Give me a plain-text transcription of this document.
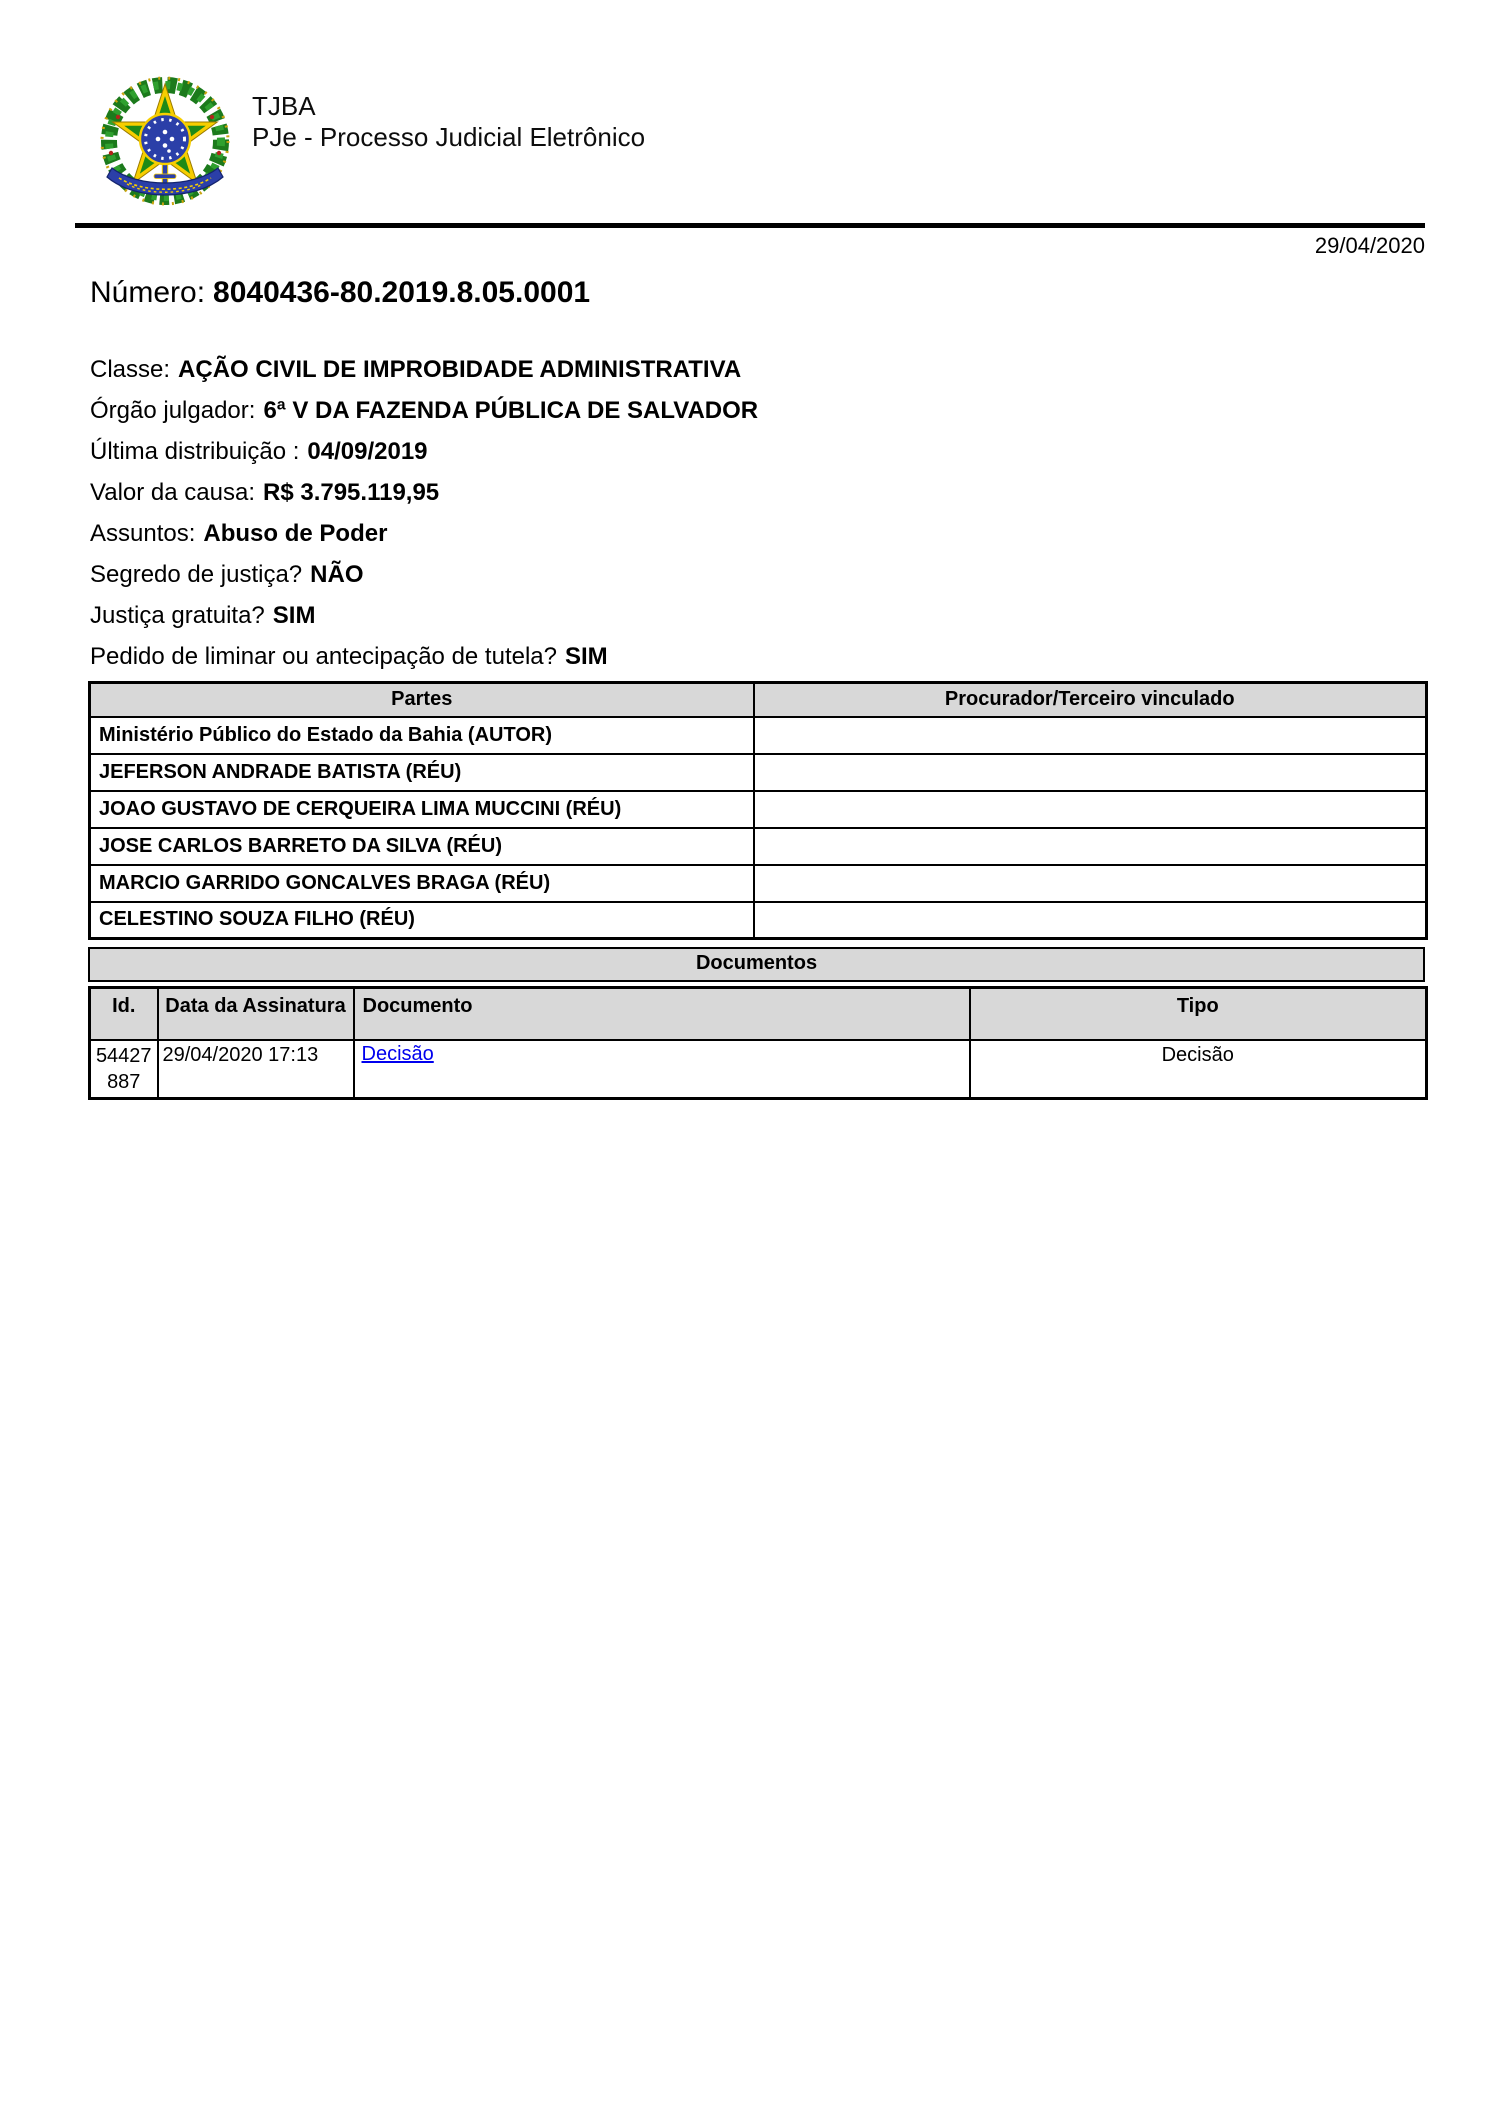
TJBA
PJe - Processo Judicial Eletrônico
29/04/2020
Número: 8040436-80.2019.8.05.0001
Classe: AÇÃO CIVIL DE IMPROBIDADE ADMINISTRATIVA
Órgão julgador: 6ª V DA FAZENDA PÚBLICA DE SALVADOR
Última distribuição : 04/09/2019
Valor da causa: R$ 3.795.119,95
Assuntos: Abuso de Poder
Segredo de justiça? NÃO
Justiça gratuita? SIM
Pedido de liminar ou antecipação de tutela? SIM
Partes	Procurador/Terceiro vinculado
Ministério Público do Estado da Bahia (AUTOR)	
JEFERSON ANDRADE BATISTA (RÉU)	
JOAO GUSTAVO DE CERQUEIRA LIMA MUCCINI (RÉU)	
JOSE CARLOS BARRETO DA SILVA (RÉU)	
MARCIO GARRIDO GONCALVES BRAGA (RÉU)	
CELESTINO SOUZA FILHO (RÉU)	
Documentos
Id.	Data da Assinatura	Documento	Tipo
54427887	29/04/2020 17:13	Decisão	Decisão
